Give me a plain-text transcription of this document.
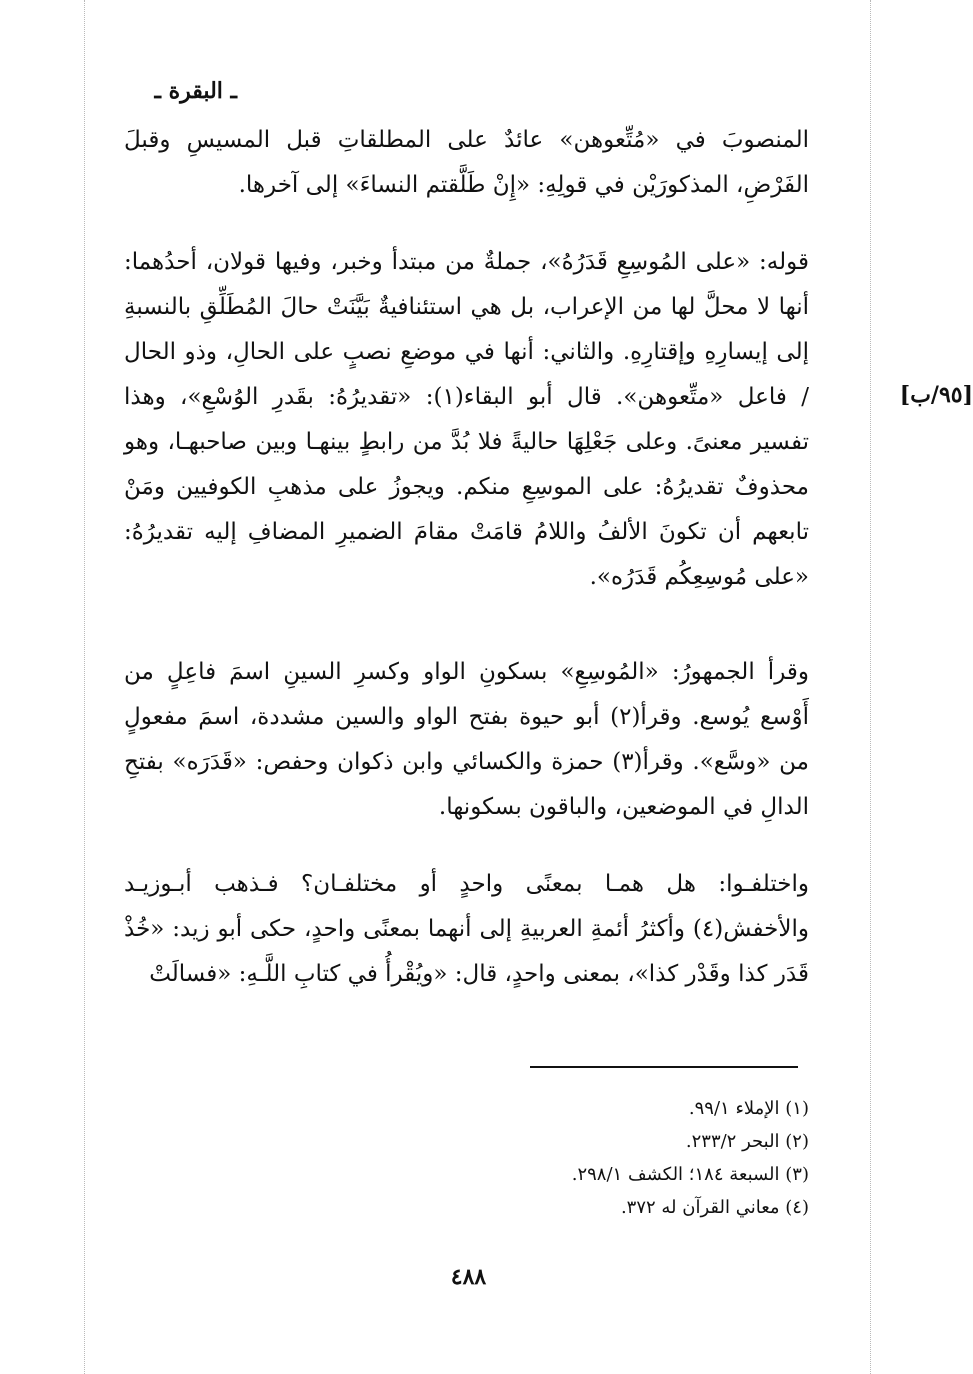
ـ البقرة ـ

المنصوبَ في «مُتِّعوهن» عائدٌ على المطلقاتِ قبل المسيسِ وقبلَ الفَرْضِ، المذكورَيْن في قولِهِ: «إِنْ طَلَّقتم النساءَ» إلى آخرها.

قوله: «على المُوسِعِ قَدَرُهُ»، جملةٌ من مبتدأ وخبر، وفيها قولان، أحدُهما: أنها لا محلَّ لها من الإعراب، بل هي استئنافيةٌ بَيَّنَتْ حالَ المُطَلِّقِ بالنسبةِ إلى إيسارِهِ وإقتارِهِ. والثاني: أنها في موضعِ نصبٍ على الحالِ، وذو الحال / فاعل «متِّعوهن». قال أبو البقاء(١): «تقديرُهُ: بقَدرِ الوُسْعِ»، وهذا تفسير معنىً. وعلى جَعْلِهَا حاليةً فلا بُدَّ من رابطٍ بينهـا وبين صاحبهـا، وهو محذوفٌ تقديرُهُ: على الموسِعِ منكم. ويجوزُ على مذهبِ الكوفيين ومَنْ تابعهم أن تكونَ الألفُ واللامُ قامَتْ مقامَ الضميرِ المضافِ إليه تقديرُهُ: «على مُوسِعِكُم قَدَرُه».

[٩٥/ب]

وقرأ الجمهورُ: «المُوسِعِ» بسكونِ الواو وكسرِ السينِ اسمَ فاعِلٍ من أَوْسع يُوسع. وقرأ(٢) أبو حيوة بفتح الواو والسين مشددة، اسمَ مفعولٍ من «وسَّع». وقرأ(٣) حمزة والكسائي وابن ذكوان وحفص: «قَدَرَه» بفتحِ الدالِ في الموضعين، والباقون بسكونها.

واختلفـوا: هل همـا بمعنًى واحدٍ أو مختلفـان؟ فـذهب أبـوزيـد والأخفش(٤) وأكثرُ أئمةِ العربيةِ إلى أنهما بمعنًى واحدٍ، حكى أبو زيد: «خُذْ قَدَر كذا وقَدْر كذا»، بمعنى واحدٍ، قال: «ويُقْرأُ في كتابِ اللَّـهِ: «فسالَتْ

(١) الإملاء ٩٩/١.
(٢) البحر ٢٣٣/٢.
(٣) السبعة ١٨٤؛ الكشف ٢٩٨/١.
(٤) معاني القرآن له ٣٧٢.
٤٨٨
